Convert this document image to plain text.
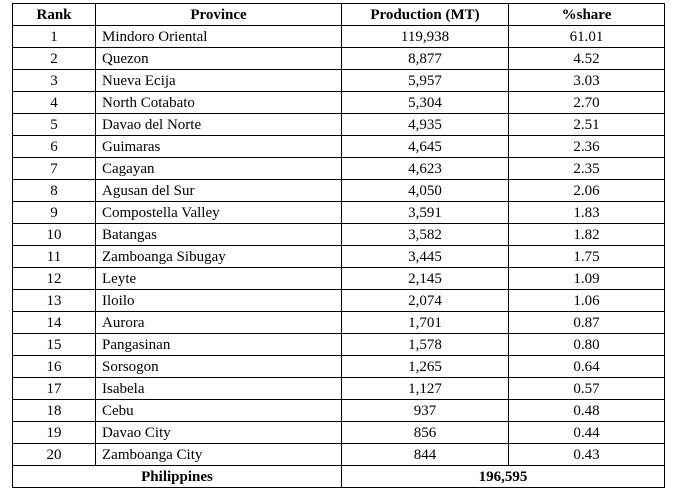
Rank	Province	Production (MT)	%share
1	Mindoro Oriental	119,938	61.01
2	Quezon	8,877	4.52
3	Nueva Ecija	5,957	3.03
4	North Cotabato	5,304	2.70
5	Davao del Norte	4,935	2.51
6	Guimaras	4,645	2.36
7	Cagayan	4,623	2.35
8	Agusan del Sur	4,050	2.06
9	Compostella Valley	3,591	1.83
10	Batangas	3,582	1.82
11	Zamboanga Sibugay	3,445	1.75
12	Leyte	2,145	1.09
13	Iloilo	2,074	1.06
14	Aurora	1,701	0.87
15	Pangasinan	1,578	0.80
16	Sorsogon	1,265	0.64
17	Isabela	1,127	0.57
18	Cebu	937	0.48
19	Davao City	856	0.44
20	Zamboanga City	844	0.43
Philippines		196,595	
